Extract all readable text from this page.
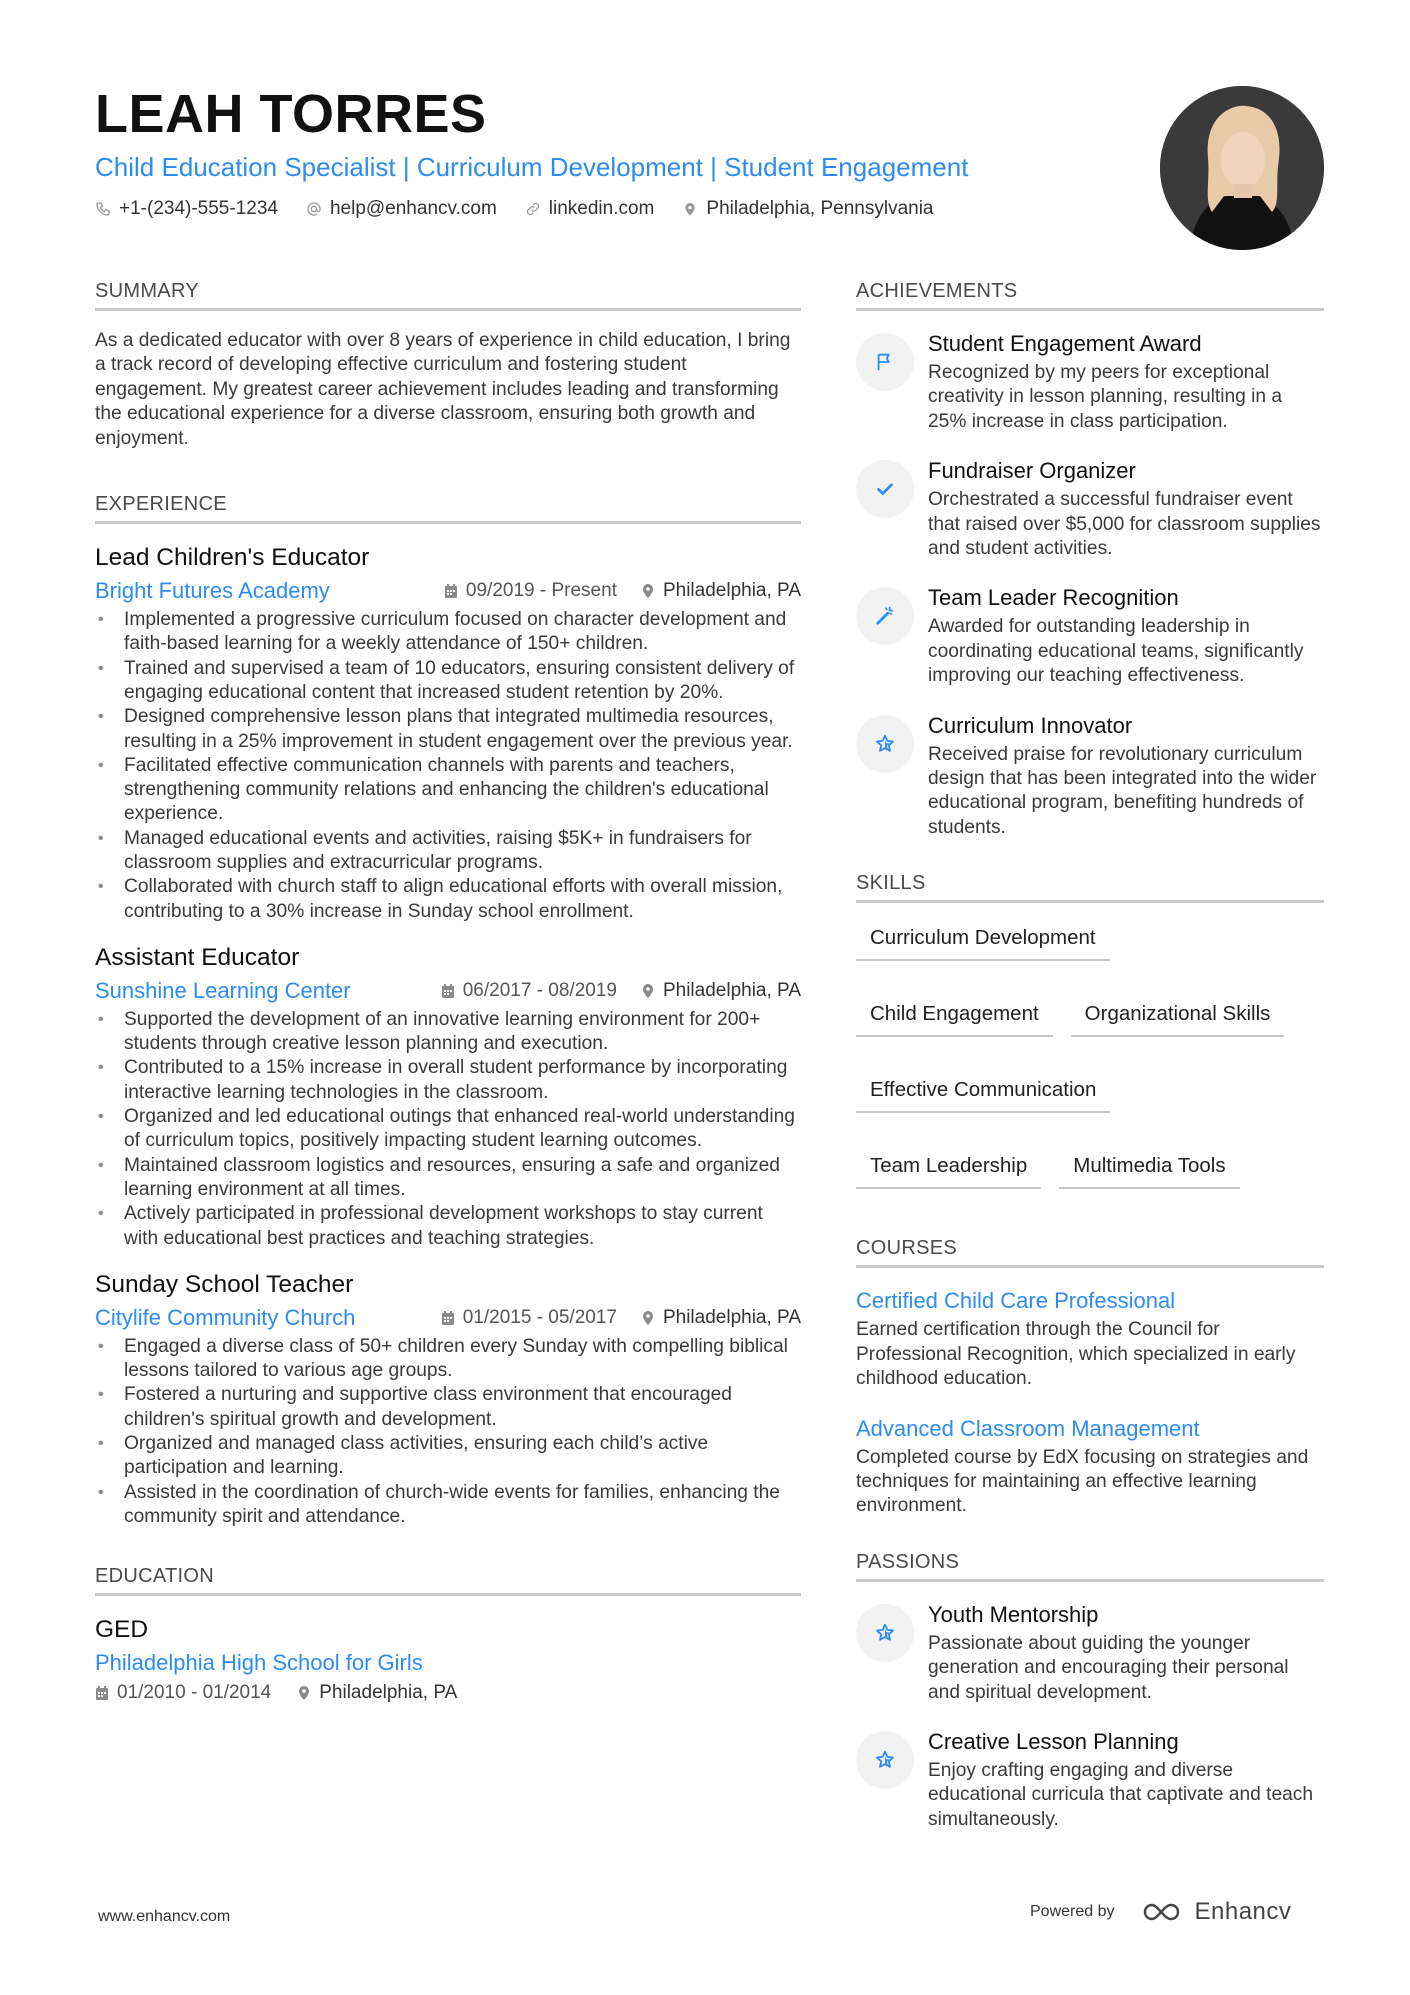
LEAH TORRES
Child Education Specialist | Curriculum Development | Student Engagement
+1-(234)-555-1234	help@enhancv.com	linkedin.com	Philadelphia, Pennsylvania
SUMMARY
As a dedicated educator with over 8 years of experience in child education, I bring a track record of developing effective curriculum and fostering student engagement. My greatest career achievement includes leading and transforming the educational experience for a diverse classroom, ensuring both growth and enjoyment.
EXPERIENCE
Lead Children's Educator
Bright Futures Academy	09/2019 - Present Philadelphia, PA
• Implemented a progressive curriculum focused on character development and faith-based learning for a weekly attendance of 150+ children.
• Trained and supervised a team of 10 educators, ensuring consistent delivery of engaging educational content that increased student retention by 20%.
• Designed comprehensive lesson plans that integrated multimedia resources, resulting in a 25% improvement in student engagement over the previous year.
• Facilitated effective communication channels with parents and teachers, strengthening community relations and enhancing the children's educational experience.
• Managed educational events and activities, raising $5K+ in fundraisers for classroom supplies and extracurricular programs.
• Collaborated with church staff to align educational efforts with overall mission, contributing to a 30% increase in Sunday school enrollment.
Assistant Educator
Sunshine Learning Center	06/2017 - 08/2019 Philadelphia, PA
• Supported the development of an innovative learning environment for 200+ students through creative lesson planning and execution.
• Contributed to a 15% increase in overall student performance by incorporating interactive learning technologies in the classroom.
• Organized and led educational outings that enhanced real-world understanding of curriculum topics, positively impacting student learning outcomes.
• Maintained classroom logistics and resources, ensuring a safe and organized learning environment at all times.
• Actively participated in professional development workshops to stay current with educational best practices and teaching strategies.
Sunday School Teacher
Citylife Community Church	01/2015 - 05/2017 Philadelphia, PA
• Engaged a diverse class of 50+ children every Sunday with compelling biblical lessons tailored to various age groups.
• Fostered a nurturing and supportive class environment that encouraged children's spiritual growth and development.
• Organized and managed class activities, ensuring each child’s active participation and learning.
• Assisted in the coordination of church-wide events for families, enhancing the community spirit and attendance.
EDUCATION
GED
Philadelphia High School for Girls
01/2010 - 01/2014	Philadelphia, PA
ACHIEVEMENTS
Student Engagement Award
Recognized by my peers for exceptional creativity in lesson planning, resulting in a 25% increase in class participation.
Fundraiser Organizer
Orchestrated a successful fundraiser event that raised over $5,000 for classroom supplies and student activities.
Team Leader Recognition
Awarded for outstanding leadership in coordinating educational teams, significantly improving our teaching effectiveness.
Curriculum Innovator
Received praise for revolutionary curriculum design that has been integrated into the wider educational program, benefiting hundreds of students.
SKILLS
Curriculum Development
Child Engagement	Organizational Skills
Effective Communication
Team Leadership	Multimedia Tools
COURSES
Certified Child Care Professional
Earned certification through the Council for Professional Recognition, which specialized in early childhood education.
Advanced Classroom Management
Completed course by EdX focusing on strategies and techniques for maintaining an effective learning environment.
PASSIONS
Youth Mentorship
Passionate about guiding the younger generation and encouraging their personal and spiritual development.
Creative Lesson Planning
Enjoy crafting engaging and diverse educational curricula that captivate and teach simultaneously.
www.enhancv.com	Powered by	Enhancv
